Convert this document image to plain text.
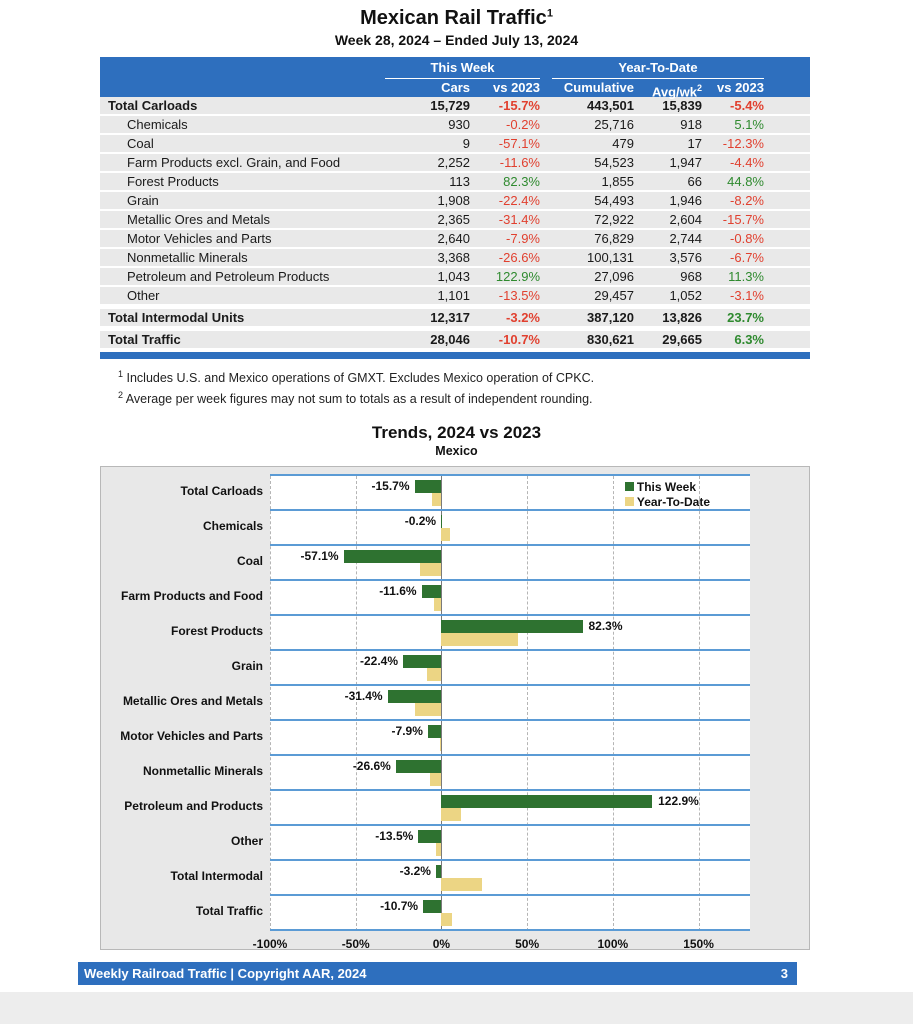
Mexican Rail Traffic$^1$
Week 28, 2024 – Ended July 13, 2024
This Week	Year-To-Date
Cars	vs 2023	Cumulative	Avg/$wk^2$	vs 2023
Total Carloads	15,729	-15.7%	443,501	15,839	-5.4%
Chemicals	930	-0.2%	25,716	918	5.1%
Coal	9	-57.1%	479	17	-12.3%
Farm Products excl. Grain, and Food	2,252	-11.6%	54,523	1,947	-4.4%
Forest Products	113	82.3%	1,855	66	44.8%
Grain	1,908	-22.4%	54,493	1,946	-8.2%
Metallic Ores and Metals	2,365	-31.4%	72,922	2,604	-15.7%
Motor Vehicles and Parts	2,640	-7.9%	76,829	2,744	-0.8%
Nonmetallic Minerals	3,368	-26.6%	100,131	3,576	-6.7%
Petroleum and Petroleum Products	1,043	122.9%	27,096	968	11.3%
Other	1,101	-13.5%	29,457	1,052	-3.1%
Total Intermodal Units	12,317	-3.2%	387,120	13,826	23.7%
Total Traffic	28,046	-10.7%	830,621	29,665	6.3%
$^1$ Includes U.S. and Mexico operations of GMXT. Excludes Mexico operation of CPKC.
$^2$ Average per week figures may not sum to totals as a result of independent rounding.
Trends, 2024 vs 2023
Mexico
Total Carloads
Chemicals
Coal
Farm Products and Food
Forest Products
Grain
Metallic Ores and Metals
Motor Vehicles and Parts
Nonmetallic Minerals
Petroleum and Products
Other
Total Intermodal
Total Traffic
This Week
Year-To-Date
-15.7%
-0.2%
-57.1%
-11.6%
82.3%
-22.4%
-31.4%
-7.9%
-26.6%
122.9%
-13.5%
-3.2%
-10.7%
-100%	-50%	0%	50%	100%	150%
Weekly Railroad Traffic | Copyright AAR, 2024	3
